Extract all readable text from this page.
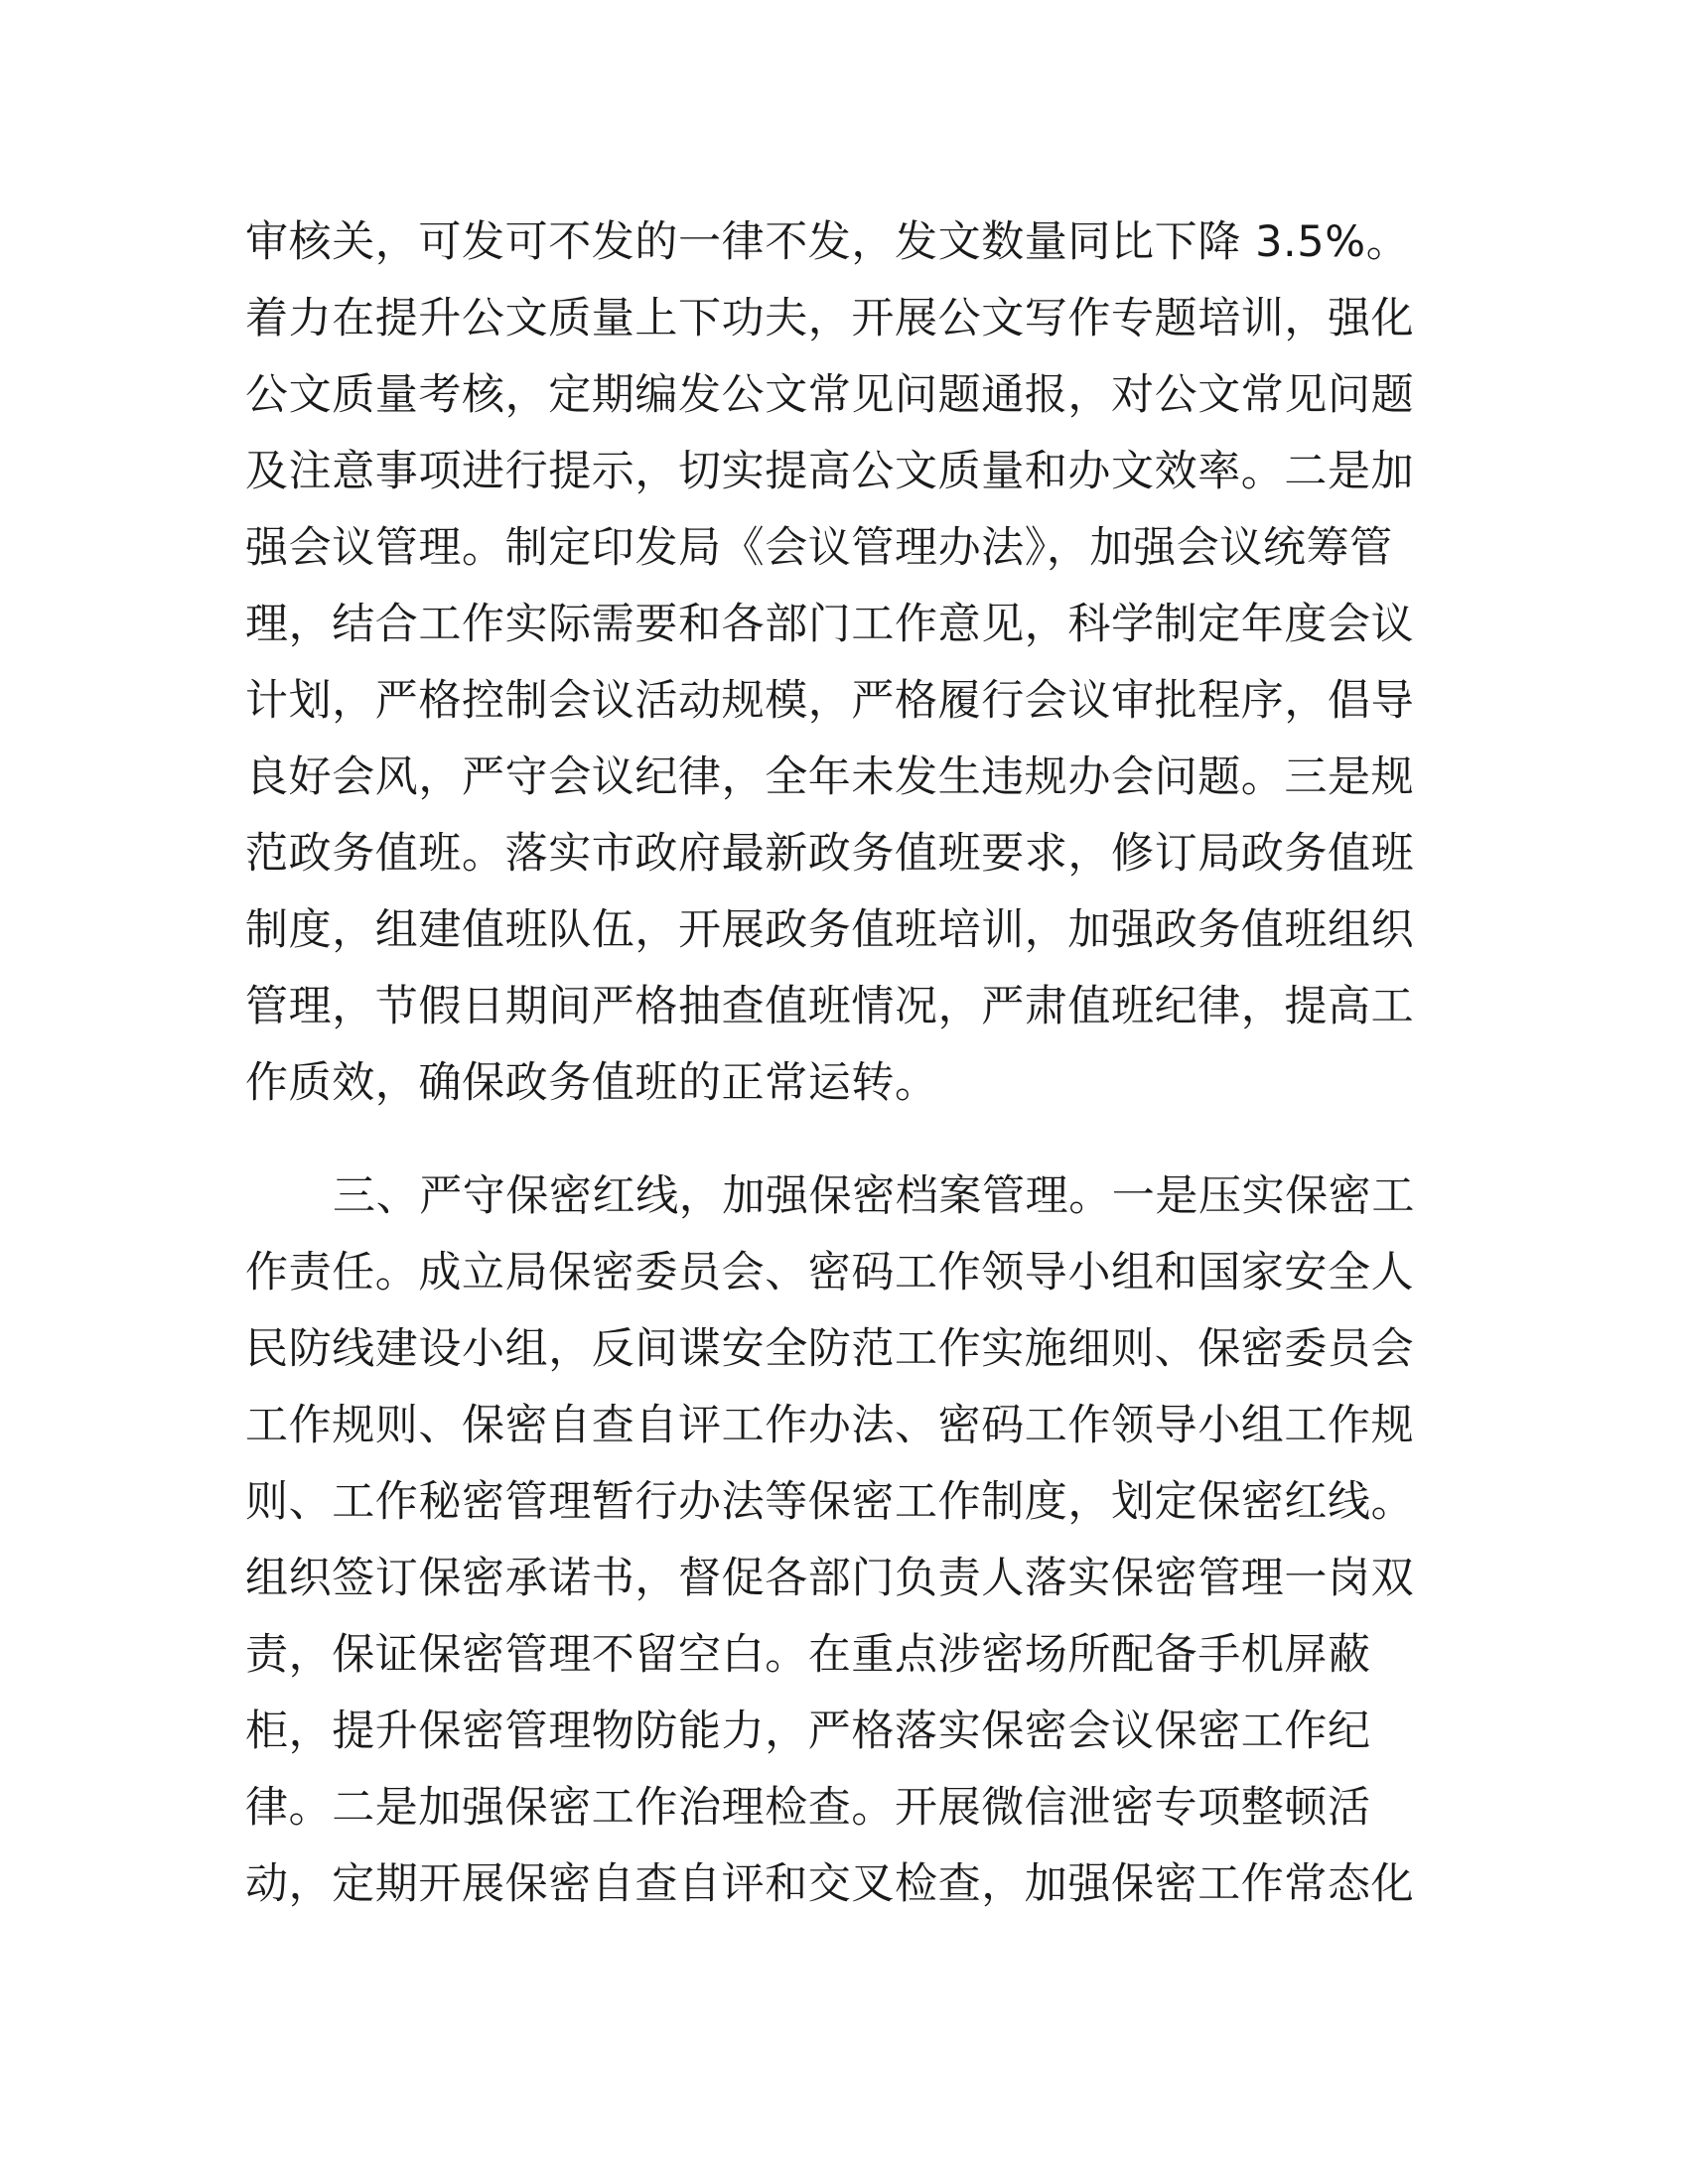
审核关，可发可不发的一律不发，发文数量同比下降 3.5%。
着力在提升公文质量上下功夫，开展公文写作专题培训，强化
公文质量考核，定期编发公文常见问题通报，对公文常见问题
及注意事项进行提示，切实提高公文质量和办文效率。二是加
强会议管理。制定印发局《会议管理办法》，加强会议统筹管
理，结合工作实际需要和各部门工作意见，科学制定年度会议
计划，严格控制会议活动规模，严格履行会议审批程序，倡导
良好会风，严守会议纪律，全年未发生违规办会问题。三是规
范政务值班。落实市政府最新政务值班要求，修订局政务值班
制度，组建值班队伍，开展政务值班培训，加强政务值班组织
管理，节假日期间严格抽查值班情况，严肃值班纪律，提高工
作质效，确保政务值班的正常运转。
三、严守保密红线，加强保密档案管理。一是压实保密工
作责任。成立局保密委员会、密码工作领导小组和国家安全人
民防线建设小组，反间谍安全防范工作实施细则、保密委员会
工作规则、保密自查自评工作办法、密码工作领导小组工作规
则、工作秘密管理暂行办法等保密工作制度，划定保密红线。
组织签订保密承诺书，督促各部门负责人落实保密管理一岗双
责，保证保密管理不留空白。在重点涉密场所配备手机屏蔽
柜，提升保密管理物防能力，严格落实保密会议保密工作纪
律。二是加强保密工作治理检查。开展微信泄密专项整顿活
动，定期开展保密自查自评和交叉检查，加强保密工作常态化
